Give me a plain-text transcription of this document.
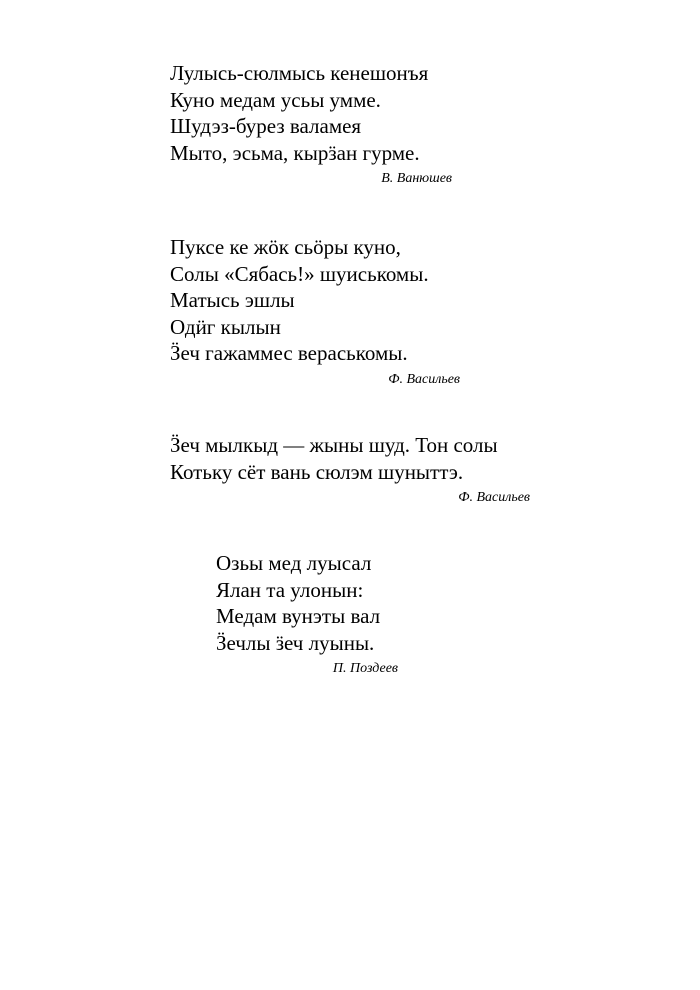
Лулысь-сюлмысь кенешонъя
Куно медам усьы умме.
Шудэз-бурез валамея
Мыто, эсьма, кырӟан гурме.
В. Ванюшев
Пуксе ке жӧк сьӧры куно,
Солы «Сябась!» шуиськомы.
Матысь эшлы
Одӥг кылын
Ӟеч гажаммес вераськомы.
Ф. Васильев
Ӟеч мылкыд — жыны шуд. Тон солы
Котьку сёт вань сюлэм шуныттэ.
Ф. Васильев
Озьы мед луысал
Ялан та улонын:
Медам вунэты вал
Ӟечлы ӟеч луыны.
П. Поздеев
